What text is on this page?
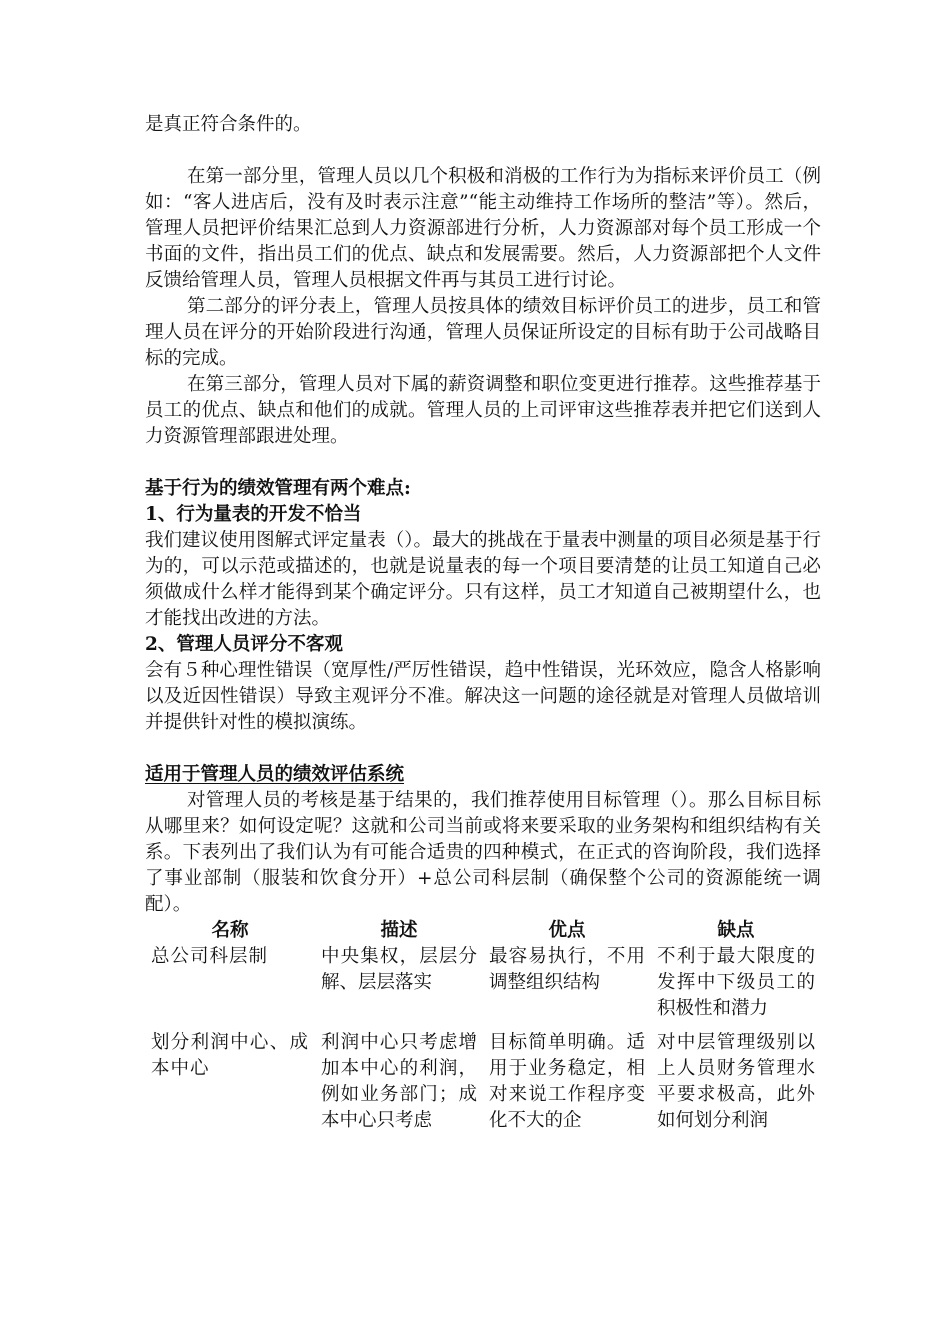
是真正符合条件的。

在第一部分里，管理人员以几个积极和消极的工作行为为指标来评价员工（例如：“客人进店后，没有及时表示注意”“能主动维持工作场所的整洁”等）。然后，管理人员把评价结果汇总到人力资源部进行分析，人力资源部对每个员工形成一个书面的文件，指出员工们的优点、缺点和发展需要。然后，人力资源部把个人文件反馈给管理人员，管理人员根据文件再与其员工进行讨论。

第二部分的评分表上，管理人员按具体的绩效目标评价员工的进步，员工和管理人员在评分的开始阶段进行沟通，管理人员保证所设定的目标有助于公司战略目标的完成。

在第三部分，管理人员对下属的薪资调整和职位变更进行推荐。这些推荐基于员工的优点、缺点和他们的成就。管理人员的上司评审这些推荐表并把它们送到人力资源管理部跟进处理。

基于行为的绩效管理有两个难点:

1、行为量表的开发不恰当

我们建议使用图解式评定量表（）。最大的挑战在于量表中测量的项目必须是基于行为的，可以示范或描述的，也就是说量表的每一个项目要清楚的让员工知道自己必须做成什么样才能得到某个确定评分。只有这样，员工才知道自己被期望什么，也才能找出改进的方法。

2、管理人员评分不客观

会有５种心理性错误（宽厚性/严厉性错误，趋中性错误，光环效应，隐含人格影响以及近因性错误）导致主观评分不准。解决这一问题的途径就是对管理人员做培训并提供针对性的模拟演练。

适用于管理人员的绩效评估系统

对管理人员的考核是基于结果的，我们推荐使用目标管理（）。那么目标目标从哪里来？如何设定呢？这就和公司当前或将来要采取的业务架构和组织结构有关系。下表列出了我们认为有可能合适贵的四种模式，在正式的咨询阶段，我们选择了事业部制（服装和饮食分开）+总公司科层制（确保整个公司的资源能统一调配）。

名称	描述	优点	缺点
总公司科层制	中央集权，层层分解、层层落实	最容易执行，不用调整组织结构	不利于最大限度的发挥中下级员工的积极性和潜力
划分利润中心、成本中心	利润中心只考虑增加本中心的利润，例如业务部门；成本中心只考虑	目标简单明确。适用于业务稳定，相对来说工作程序变化不大的企	对中层管理级别以上人员财务管理水平要求极高，此外如何划分利润
